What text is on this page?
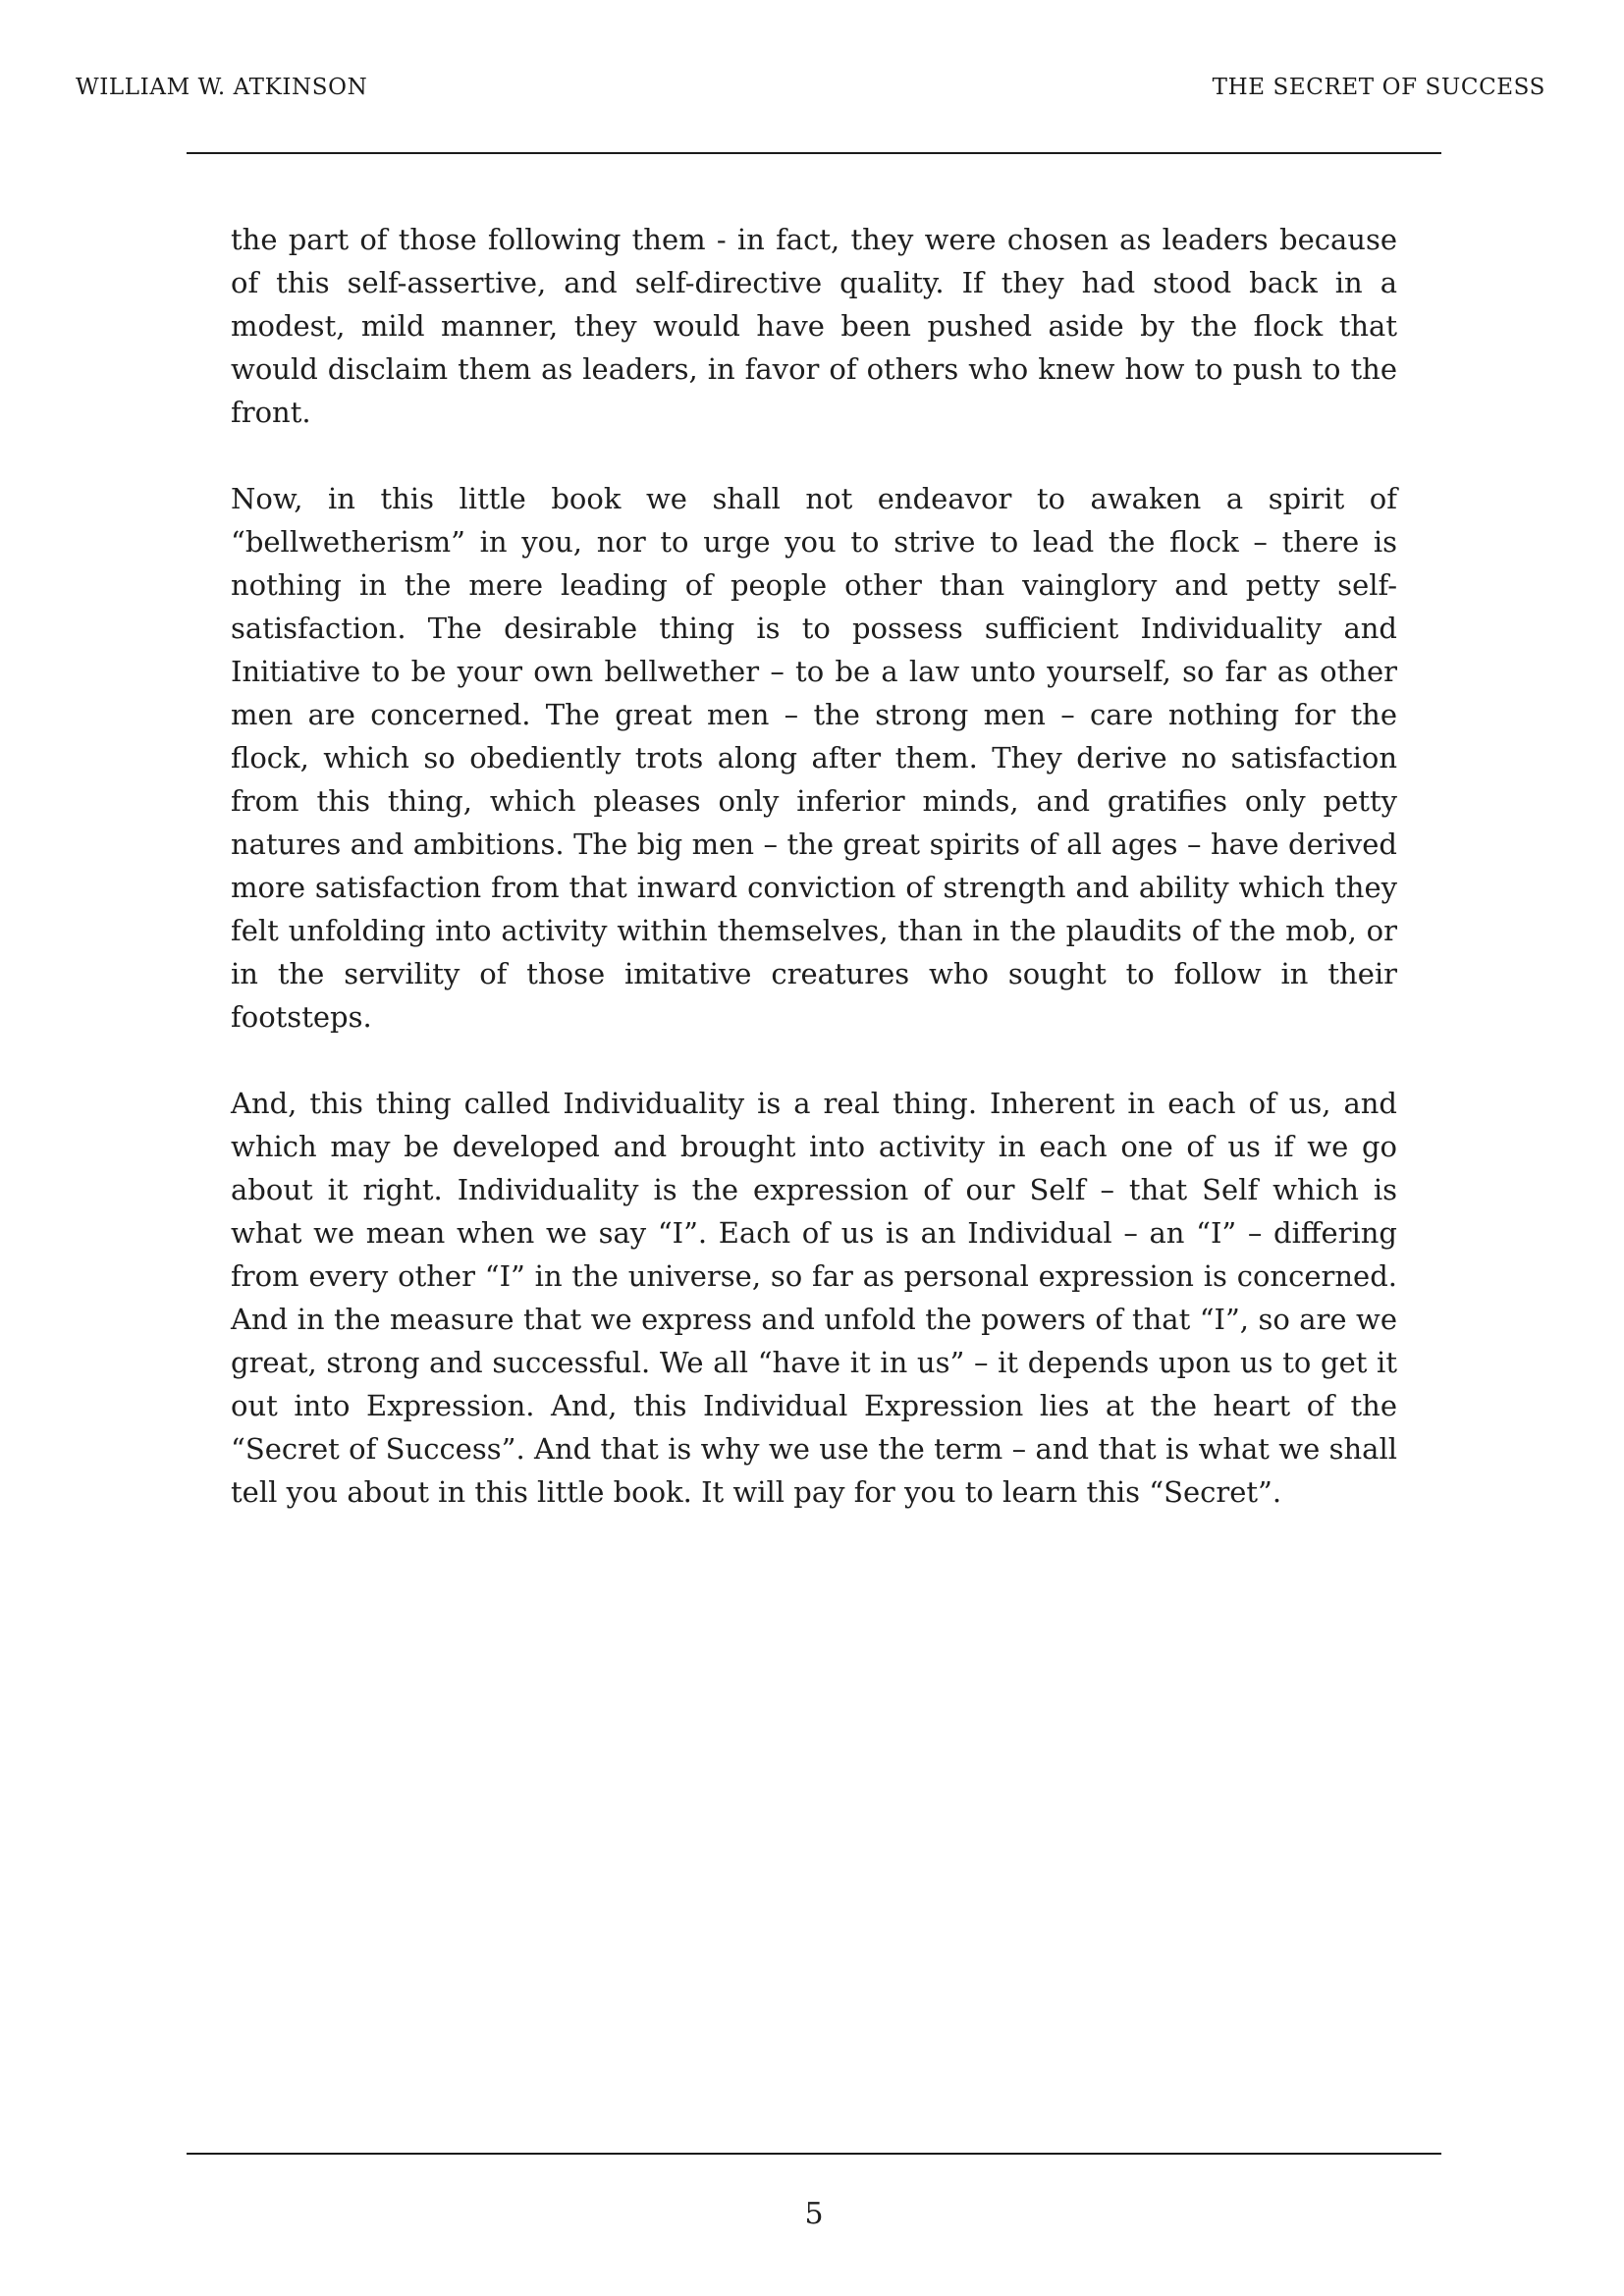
WILLIAM W. ATKINSON	THE SECRET OF SUCCESS

the part of those following them - in fact, they were chosen as leaders because of this self-assertive, and self-directive quality. If they had stood back in a modest, mild manner, they would have been pushed aside by the flock that would disclaim them as leaders, in favor of others who knew how to push to the front.

Now, in this little book we shall not endeavor to awaken a spirit of “bellwetherism” in you, nor to urge you to strive to lead the flock – there is nothing in the mere leading of people other than vainglory and petty self-satisfaction. The desirable thing is to possess sufficient Individuality and Initiative to be your own bellwether – to be a law unto yourself, so far as other men are concerned. The great men – the strong men – care nothing for the flock, which so obediently trots along after them. They derive no satisfaction from this thing, which pleases only inferior minds, and gratifies only petty natures and ambitions. The big men – the great spirits of all ages – have derived more satisfaction from that inward conviction of strength and ability which they felt unfolding into activity within themselves, than in the plaudits of the mob, or in the servility of those imitative creatures who sought to follow in their footsteps.

And, this thing called Individuality is a real thing. Inherent in each of us, and which may be developed and brought into activity in each one of us if we go about it right. Individuality is the expression of our Self – that Self which is what we mean when we say “I”. Each of us is an Individual – an “I” – differing from every other “I” in the universe, so far as personal expression is concerned. And in the measure that we express and unfold the powers of that “I”, so are we great, strong and successful. We all “have it in us” – it depends upon us to get it out into Expression. And, this Individual Expression lies at the heart of the “Secret of Success”. And that is why we use the term – and that is what we shall tell you about in this little book. It will pay for you to learn this “Secret”.

5
